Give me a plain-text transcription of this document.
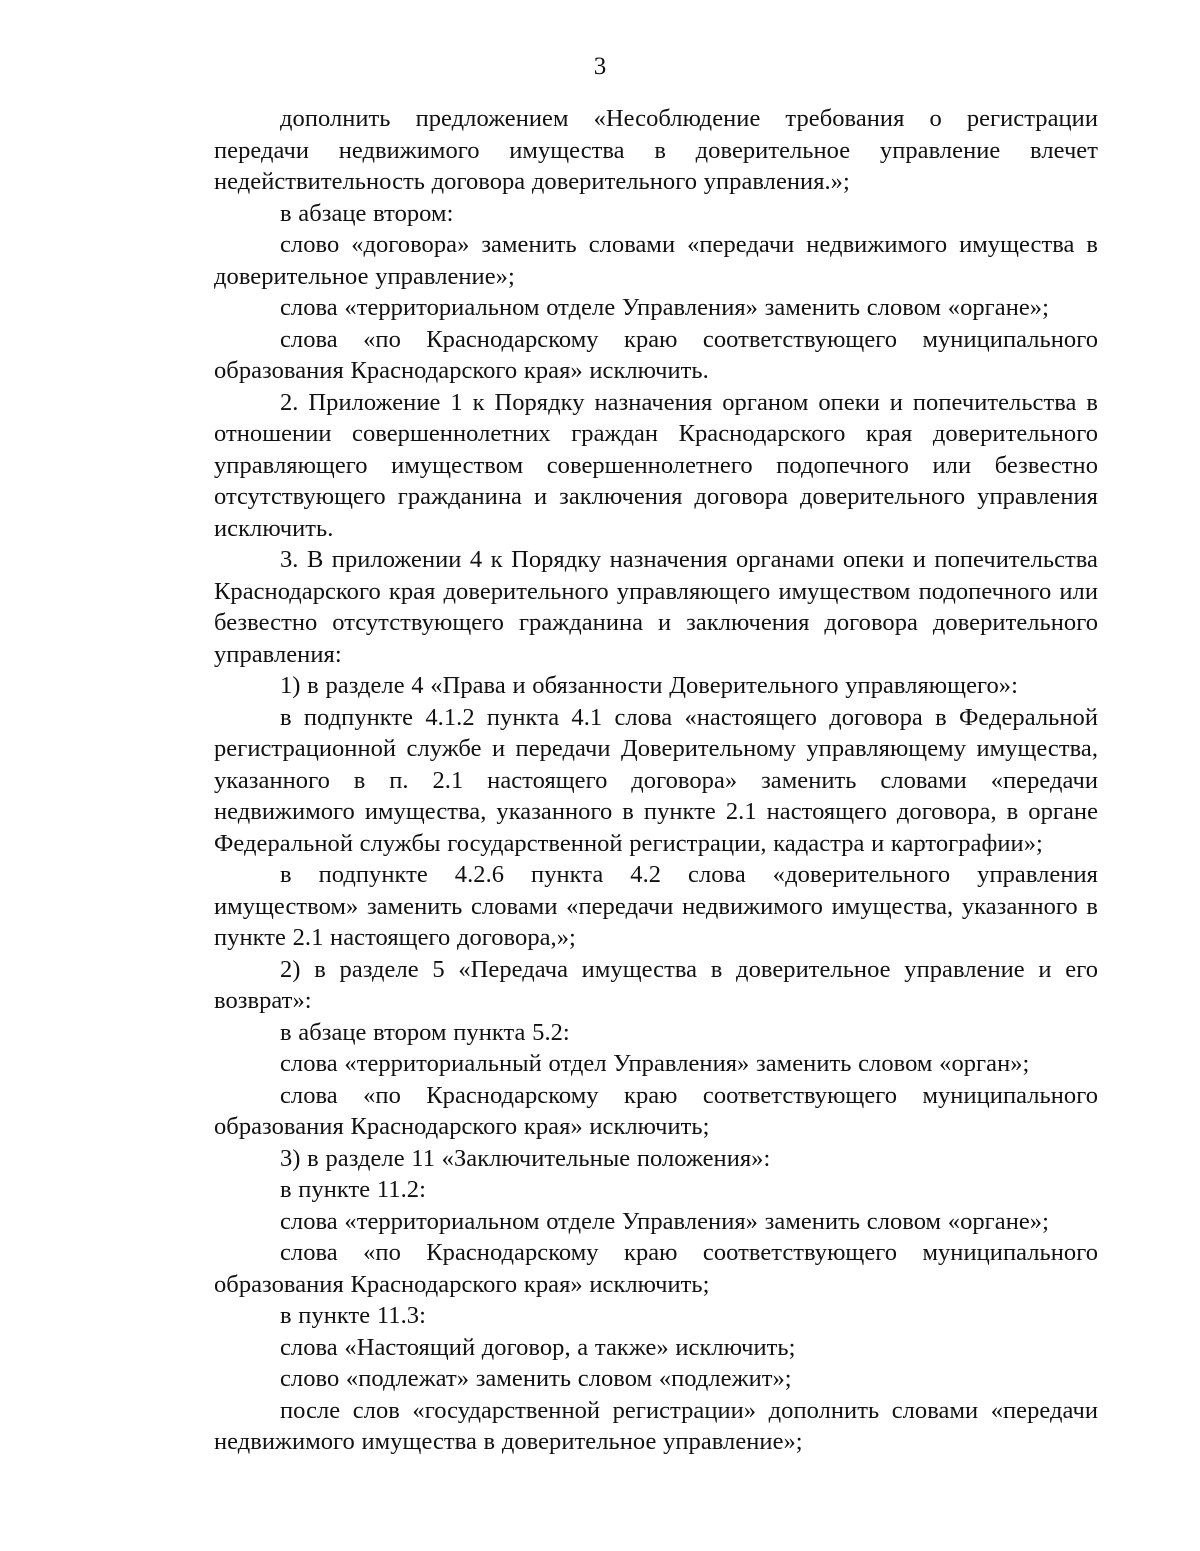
3

дополнить предложением «Несоблюдение требования о регистрации передачи недвижимого имущества в доверительное управление влечет недействительность договора доверительного управления.»;

в абзаце втором:

слово «договора» заменить словами «передачи недвижимого имущества в доверительное управление»;

слова «территориальном отделе Управления» заменить словом «органе»;

слова «по Краснодарскому краю соответствующего муниципального образования Краснодарского края» исключить.

2. Приложение 1 к Порядку назначения органом опеки и попечительства в отношении совершеннолетних граждан Краснодарского края доверительного управляющего имуществом совершеннолетнего подопечного или безвестно отсутствующего гражданина и заключения договора доверительного управления исключить.

3. В приложении 4 к Порядку назначения органами опеки и попечительства Краснодарского края доверительного управляющего имуществом подопечного или безвестно отсутствующего гражданина и заключения договора доверительного управления:

1) в разделе 4 «Права и обязанности Доверительного управляющего»:

в подпункте 4.1.2 пункта 4.1 слова «настоящего договора в Федеральной регистрационной службе и передачи Доверительному управляющему имущества, указанного в п. 2.1 настоящего договора» заменить словами «передачи недвижимого имущества, указанного в пункте 2.1 настоящего договора, в органе Федеральной службы государственной регистрации, кадастра и картографии»;

в подпункте 4.2.6 пункта 4.2 слова «доверительного управления имуществом» заменить словами «передачи недвижимого имущества, указанного в пункте 2.1 настоящего договора,»;

2) в разделе 5 «Передача имущества в доверительное управление и его возврат»:

в абзаце втором пункта 5.2:

слова «территориальный отдел Управления» заменить словом «орган»;

слова «по Краснодарскому краю соответствующего муниципального образования Краснодарского края» исключить;

3) в разделе 11 «Заключительные положения»:

в пункте 11.2:

слова «территориальном отделе Управления» заменить словом «органе»;

слова «по Краснодарскому краю соответствующего муниципального образования Краснодарского края» исключить;

в пункте 11.3:

слова «Настоящий договор, а также» исключить;

слово «подлежат» заменить словом «подлежит»;

после слов «государственной регистрации» дополнить словами «передачи недвижимого имущества в доверительное управление»;
